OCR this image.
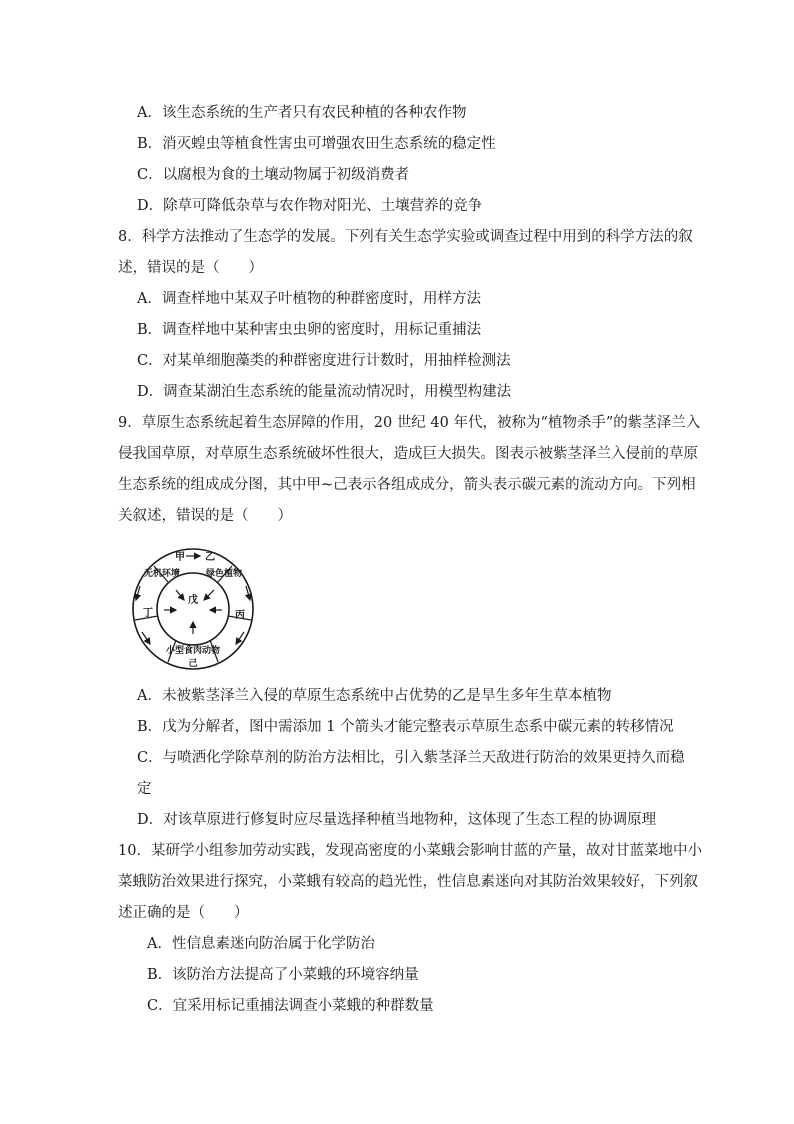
A．该生态系统的生产者只有农民种植的各种农作物
B．消灭蝗虫等植食性害虫可增强农田生态系统的稳定性
C．以腐根为食的土壤动物属于初级消费者
D．除草可降低杂草与农作物对阳光、土壤营养的竞争
8．科学方法推动了生态学的发展。下列有关生态学实验或调查过程中用到的科学方法的叙
述，错误的是（　　）
A．调查样地中某双子叶植物的种群密度时，用样方法
B．调查样地中某种害虫虫卵的密度时，用标记重捕法
C．对某单细胞藻类的种群密度进行计数时，用抽样检测法
D．调查某湖泊生态系统的能量流动情况时，用模型构建法
9．草原生态系统起着生态屏障的作用，20 世纪 40 年代，被称为“植物杀手”的紫茎泽兰入
侵我国草原，对草原生态系统破坏性很大，造成巨大损失。图表示被紫茎泽兰入侵前的草原
生态系统的组成成分图，其中甲~己表示各组成成分，箭头表示碳元素的流动方向。下列相
关叙述，错误的是（　　）
甲 乙
无机环境	绿色植物
戊
丁	丙
小型食肉动物
己
A．未被紫茎泽兰入侵的草原生态系统中占优势的乙是旱生多年生草本植物
B．戊为分解者，图中需添加 1 个箭头才能完整表示草原生态系中碳元素的转移情况
C．与喷洒化学除草剂的防治方法相比，引入紫茎泽兰天敌进行防治的效果更持久而稳
定
D．对该草原进行修复时应尽量选择种植当地物种，这体现了生态工程的协调原理
10．某研学小组参加劳动实践，发现高密度的小菜蛾会影响甘蓝的产量，故对甘蓝菜地中小
菜蛾防治效果进行探究，小菜蛾有较高的趋光性，性信息素迷向对其防治效果较好，下列叙
述正确的是（　　）
A．性信息素迷向防治属于化学防治
B．该防治方法提高了小菜蛾的环境容纳量
C．宜采用标记重捕法调查小菜蛾的种群数量
